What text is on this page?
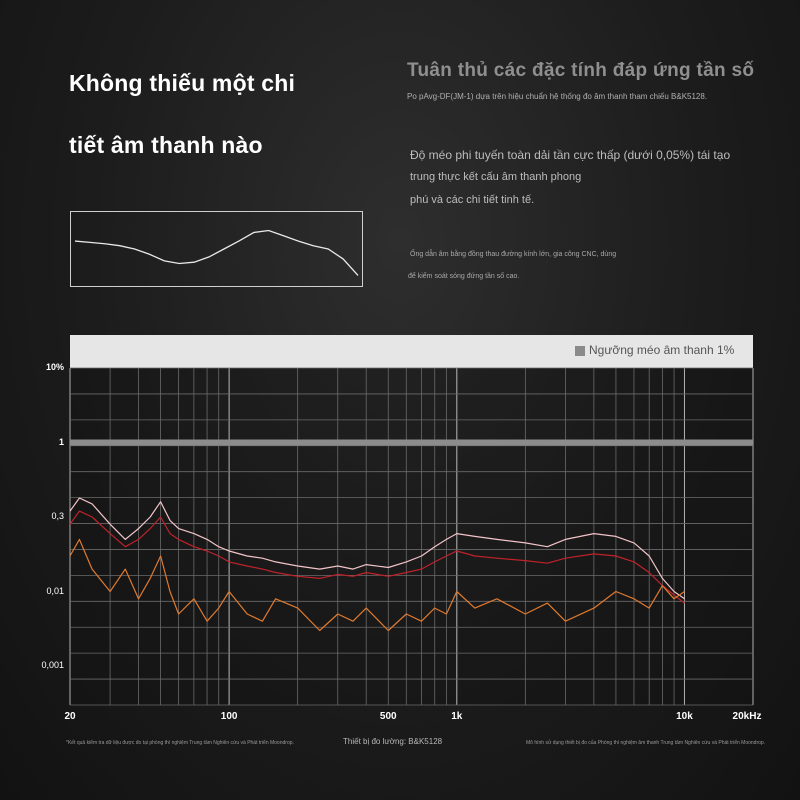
Không thiếu một chi
tiết âm thanh nào
Tuân thủ các đặc tính đáp ứng tần số
Po pAvg-DF(JM-1) dựa trên hiệu chuẩn hệ thống đo âm thanh tham chiếu B&K5128.
Độ méo phi tuyến toàn dải tần cực thấp (dưới 0,05%) tái tạo
trung thực kết cấu âm thanh phong
phú và các chi tiết tinh tế.
Ống dẫn âm bằng đồng thau đường kính lớn, gia công CNC, dùng
để kiểm soát sóng đứng tần số cao.
Ngưỡng méo âm thanh 1%
10%
1
0,3
0,01
0,001
20	100	500	1k	10k	20kHz
*Kết quả kiểm tra dữ liệu được đo tại phòng thí nghiệm Trung tâm Nghiên cứu và Phát triển Moondrop.	Thiết bị đo lường: B&K5128	Mô hình sử dụng thiết bị đo của Phòng thí nghiệm âm thanh Trung tâm Nghiên cứu và Phát triển Moondrop.
